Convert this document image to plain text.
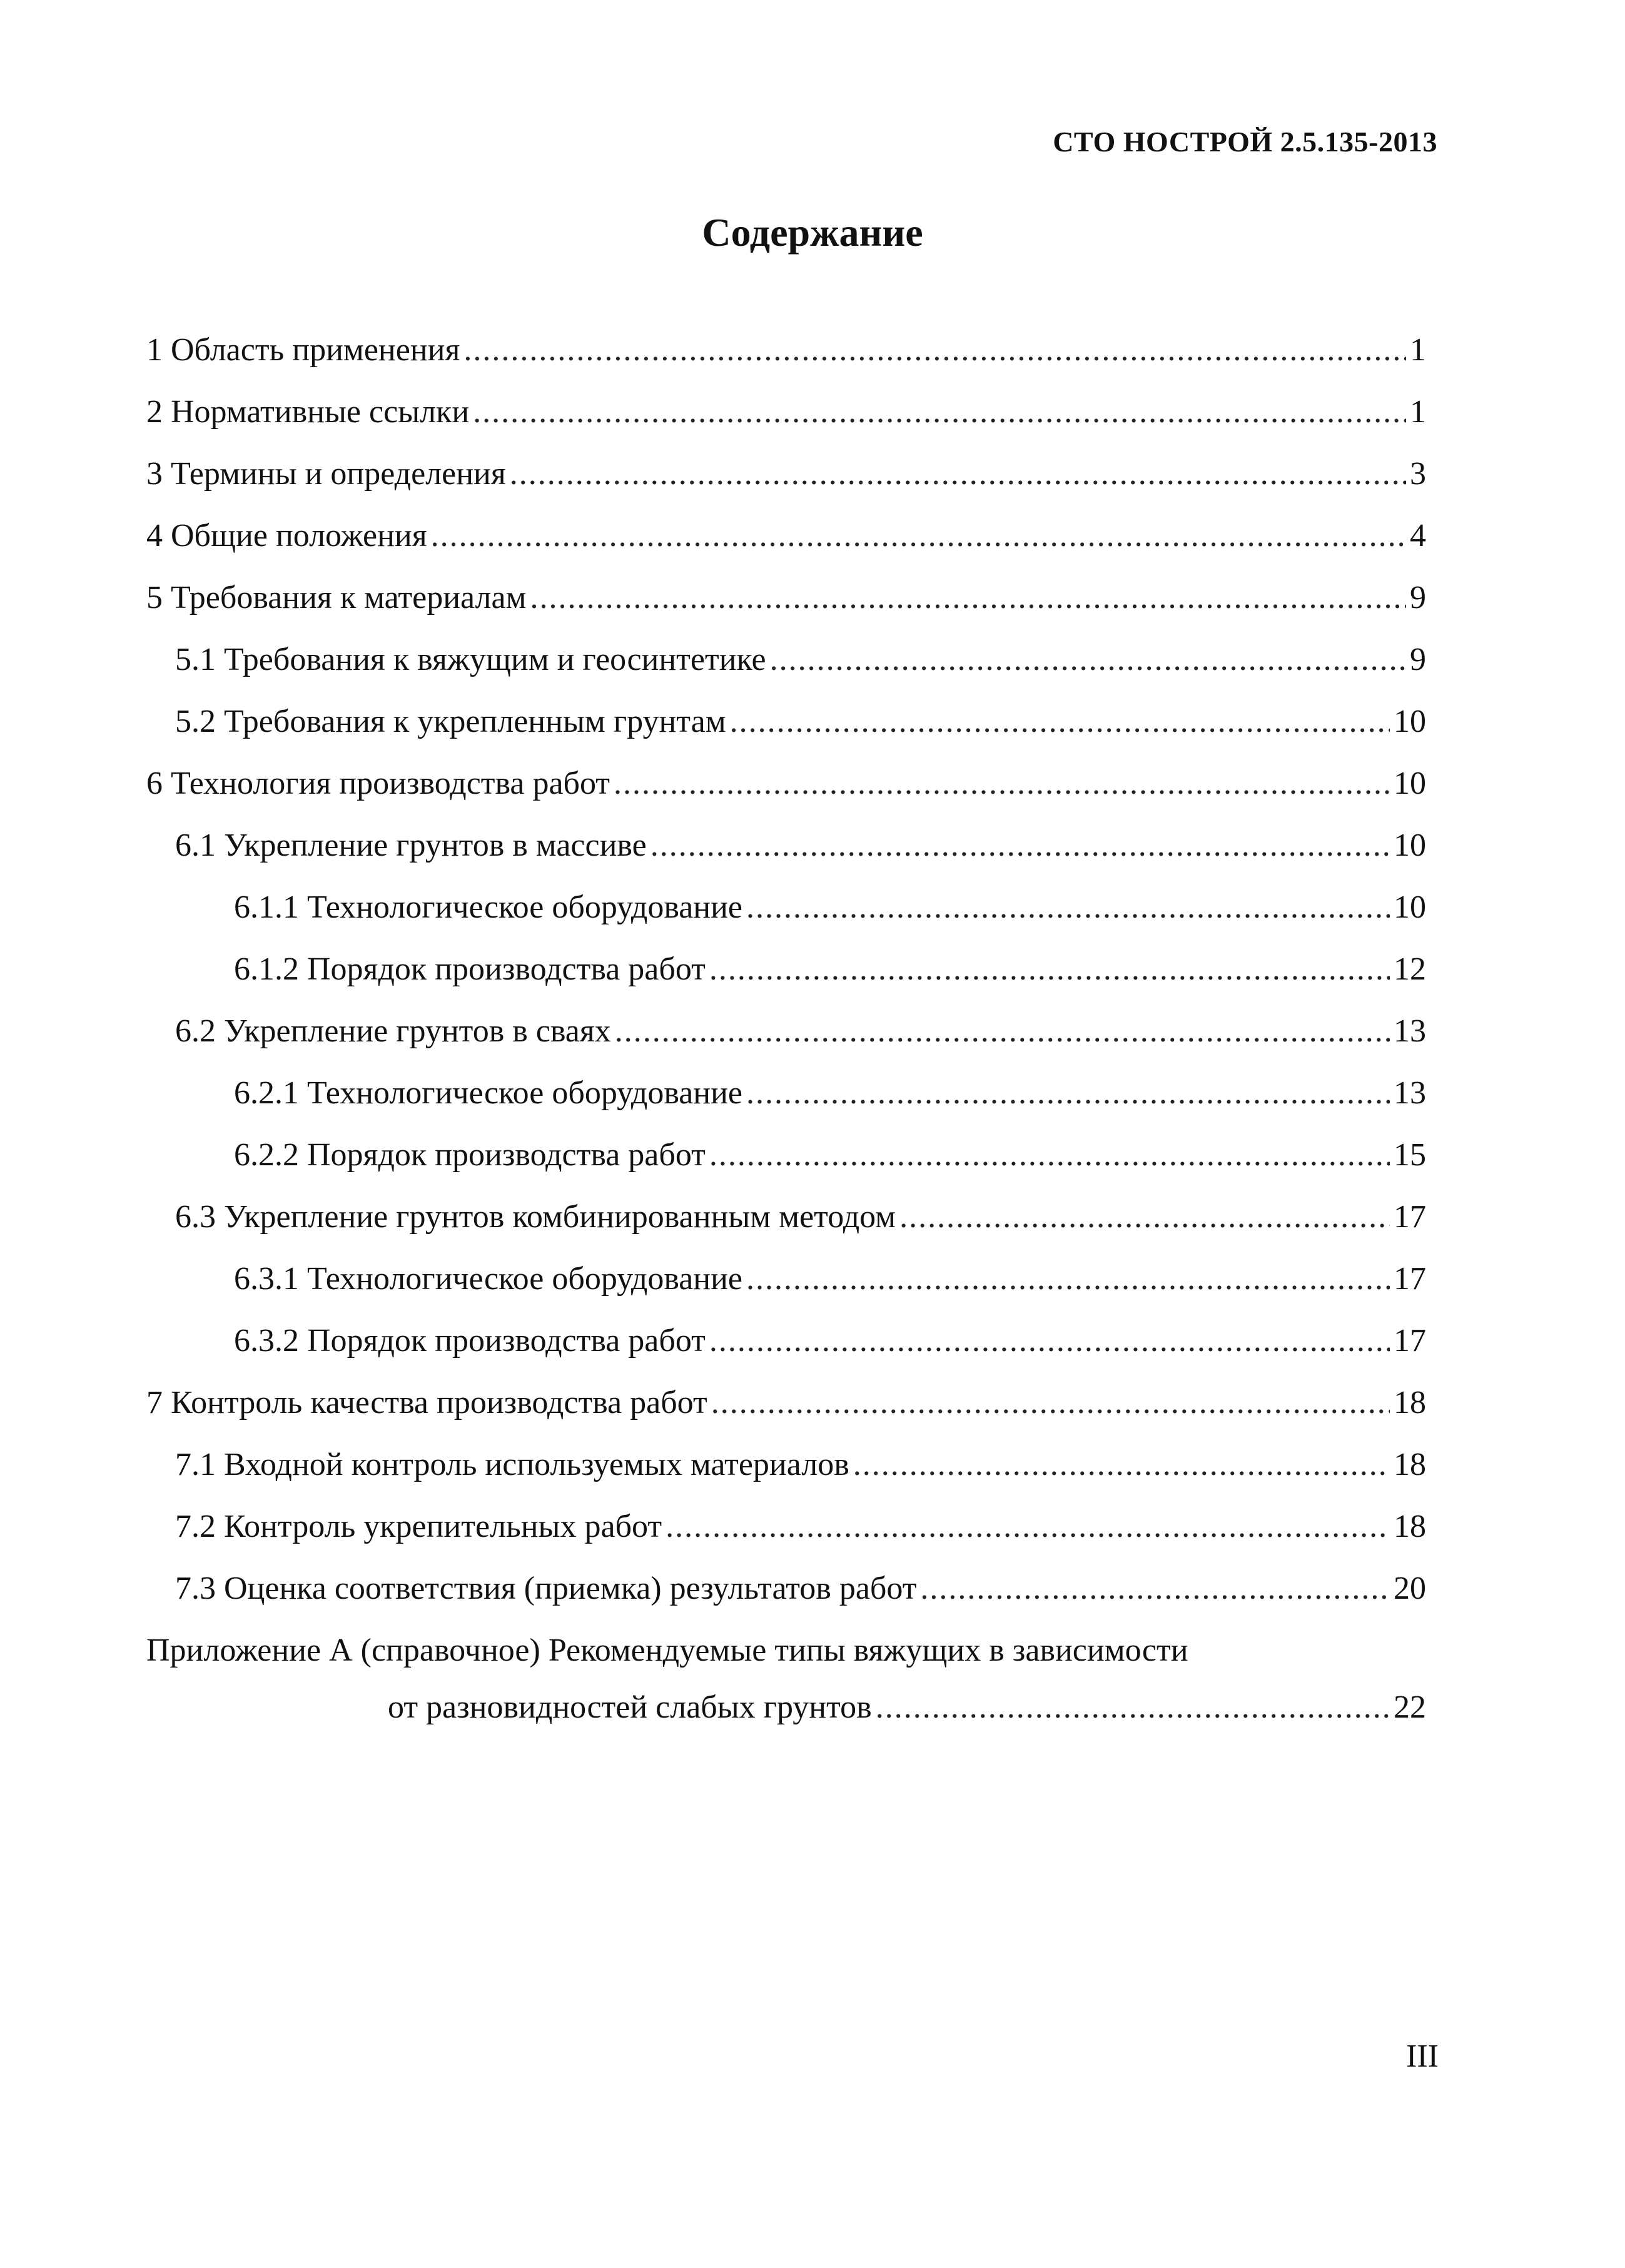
СТО НОСТРОЙ 2.5.135-2013
Содержание
1 Область применения .....	1
2 Нормативные ссылки .....	1
3 Термины и определения .....	3
4 Общие положения .....	4
5 Требования к материалам .....	9
5.1 Требования к вяжущим и геосинтетике .....	9
5.2 Требования к укрепленным грунтам .....	10
6 Технология производства работ .....	10
6.1 Укрепление грунтов в массиве .....	10
6.1.1 Технологическое оборудование .....	10
6.1.2 Порядок производства работ .....	12
6.2 Укрепление грунтов в сваях .....	13
6.2.1 Технологическое оборудование .....	13
6.2.2 Порядок производства работ .....	15
6.3 Укрепление грунтов комбинированным методом .....	17
6.3.1 Технологическое оборудование .....	17
6.3.2 Порядок производства работ .....	17
7 Контроль качества производства работ .....	18
7.1 Входной контроль используемых материалов .....	18
7.2 Контроль укрепительных работ .....	18
7.3 Оценка соответствия (приемка) результатов работ .....	20
Приложение А (справочное) Рекомендуемые типы вяжущих в зависимости
от разновидностей слабых грунтов .....	22
III
